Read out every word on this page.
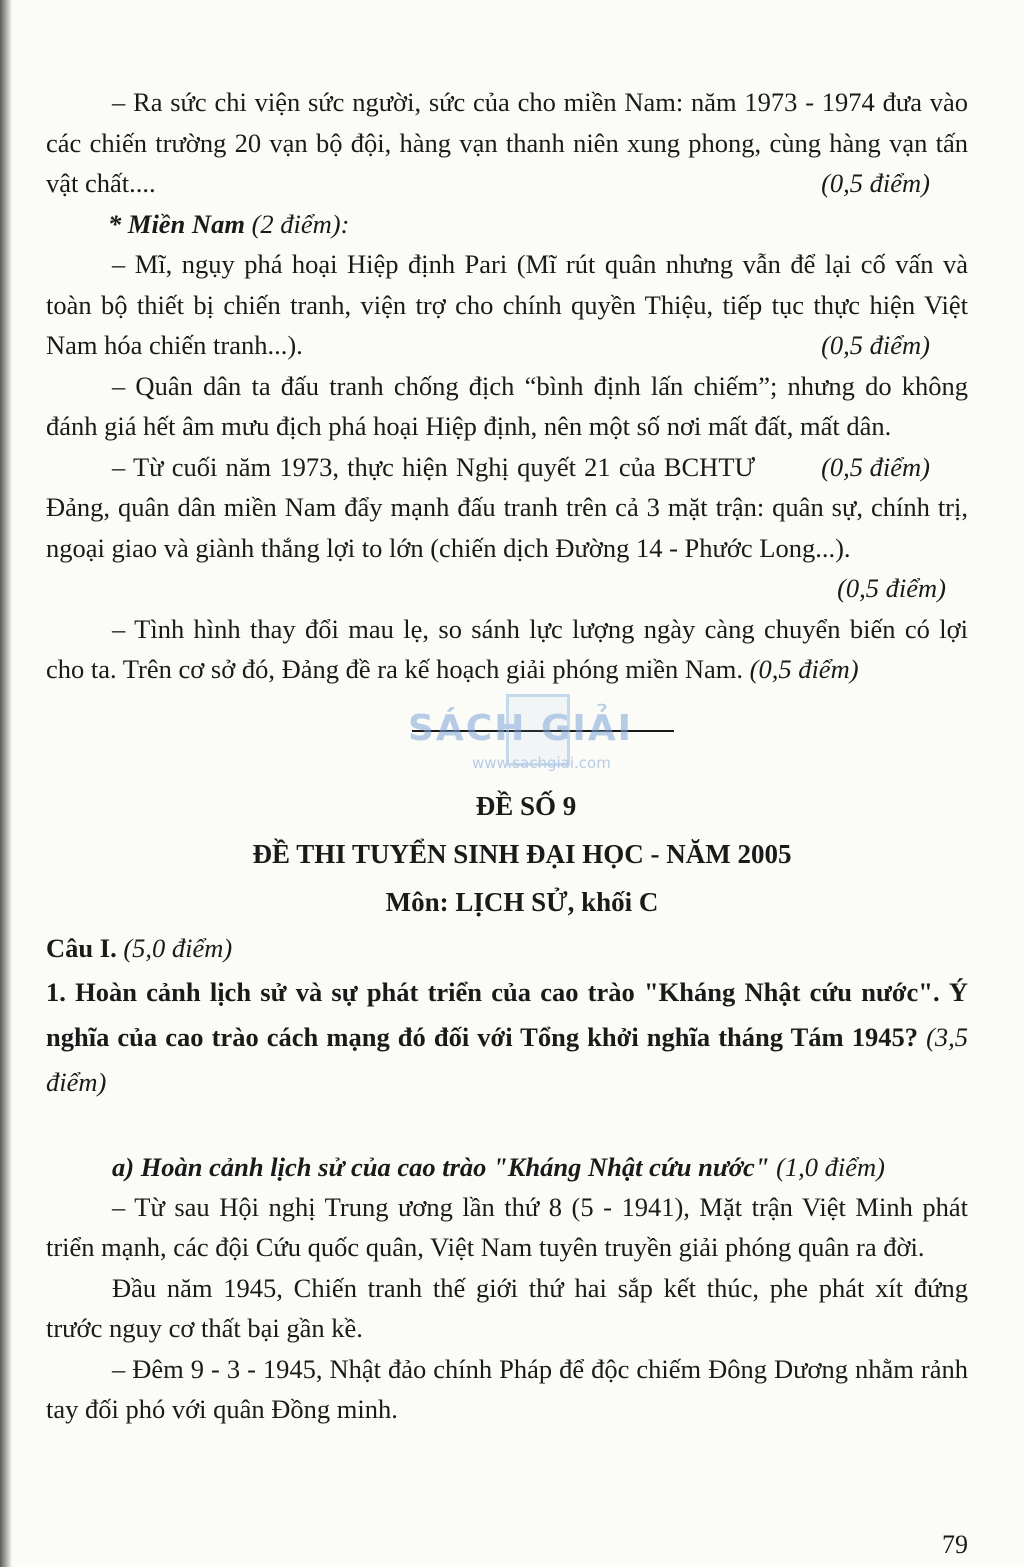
– Ra sức chi viện sức người, sức của cho miền Nam: năm 1973 - 1974 đưa vào các chiến trường 20 vạn bộ đội, hàng vạn thanh niên xung phong, cùng hàng vạn tấn vật chất....	(0,5 điểm)

* Miền Nam (2 điểm):

– Mĩ, ngụy phá hoại Hiệp định Pari (Mĩ rút quân nhưng vẫn để lại cố vấn và toàn bộ thiết bị chiến tranh, viện trợ cho chính quyền Thiệu, tiếp tục thực hiện Việt Nam hóa chiến tranh...).	(0,5 điểm)

– Quân dân ta đấu tranh chống địch “bình định lấn chiếm”; nhưng do không đánh giá hết âm mưu địch phá hoại Hiệp định, nên một số nơi mất đất, mất dân.
(0,5 điểm)

– Từ cuối năm 1973, thực hiện Nghị quyết 21 của BCHTƯ Đảng, quân dân miền Nam đẩy mạnh đấu tranh trên cả 3 mặt trận: quân sự, chính trị, ngoại giao và giành thắng lợi to lớn (chiến dịch Đường 14 - Phước Long...).

(0,5 điểm)

– Tình hình thay đổi mau lẹ, so sánh lực lượng ngày càng chuyển biến có lợi cho ta. Trên cơ sở đó, Đảng đề ra kế hoạch giải phóng miền Nam. (0,5 điểm)

SÁCH GIẢI
www.sachgiai.com

ĐỀ SỐ 9

ĐỀ THI TUYỂN SINH ĐẠI HỌC - NĂM 2005

Môn: LỊCH SỬ, khối C

Câu I. (5,0 điểm)

1. Hoàn cảnh lịch sử và sự phát triển của cao trào "Kháng Nhật cứu nước". Ý nghĩa của cao trào cách mạng đó đối với Tổng khởi nghĩa tháng Tám 1945? (3,5 điểm)

a) Hoàn cảnh lịch sử của cao trào "Kháng Nhật cứu nước" (1,0 điểm)

– Từ sau Hội nghị Trung ương lần thứ 8 (5 - 1941), Mặt trận Việt Minh phát triển mạnh, các đội Cứu quốc quân, Việt Nam tuyên truyền giải phóng quân ra đời.

Đầu năm 1945, Chiến tranh thế giới thứ hai sắp kết thúc, phe phát xít đứng trước nguy cơ thất bại gần kề.

– Đêm 9 - 3 - 1945, Nhật đảo chính Pháp để độc chiếm Đông Dương nhằm rảnh tay đối phó với quân Đồng minh.

79
